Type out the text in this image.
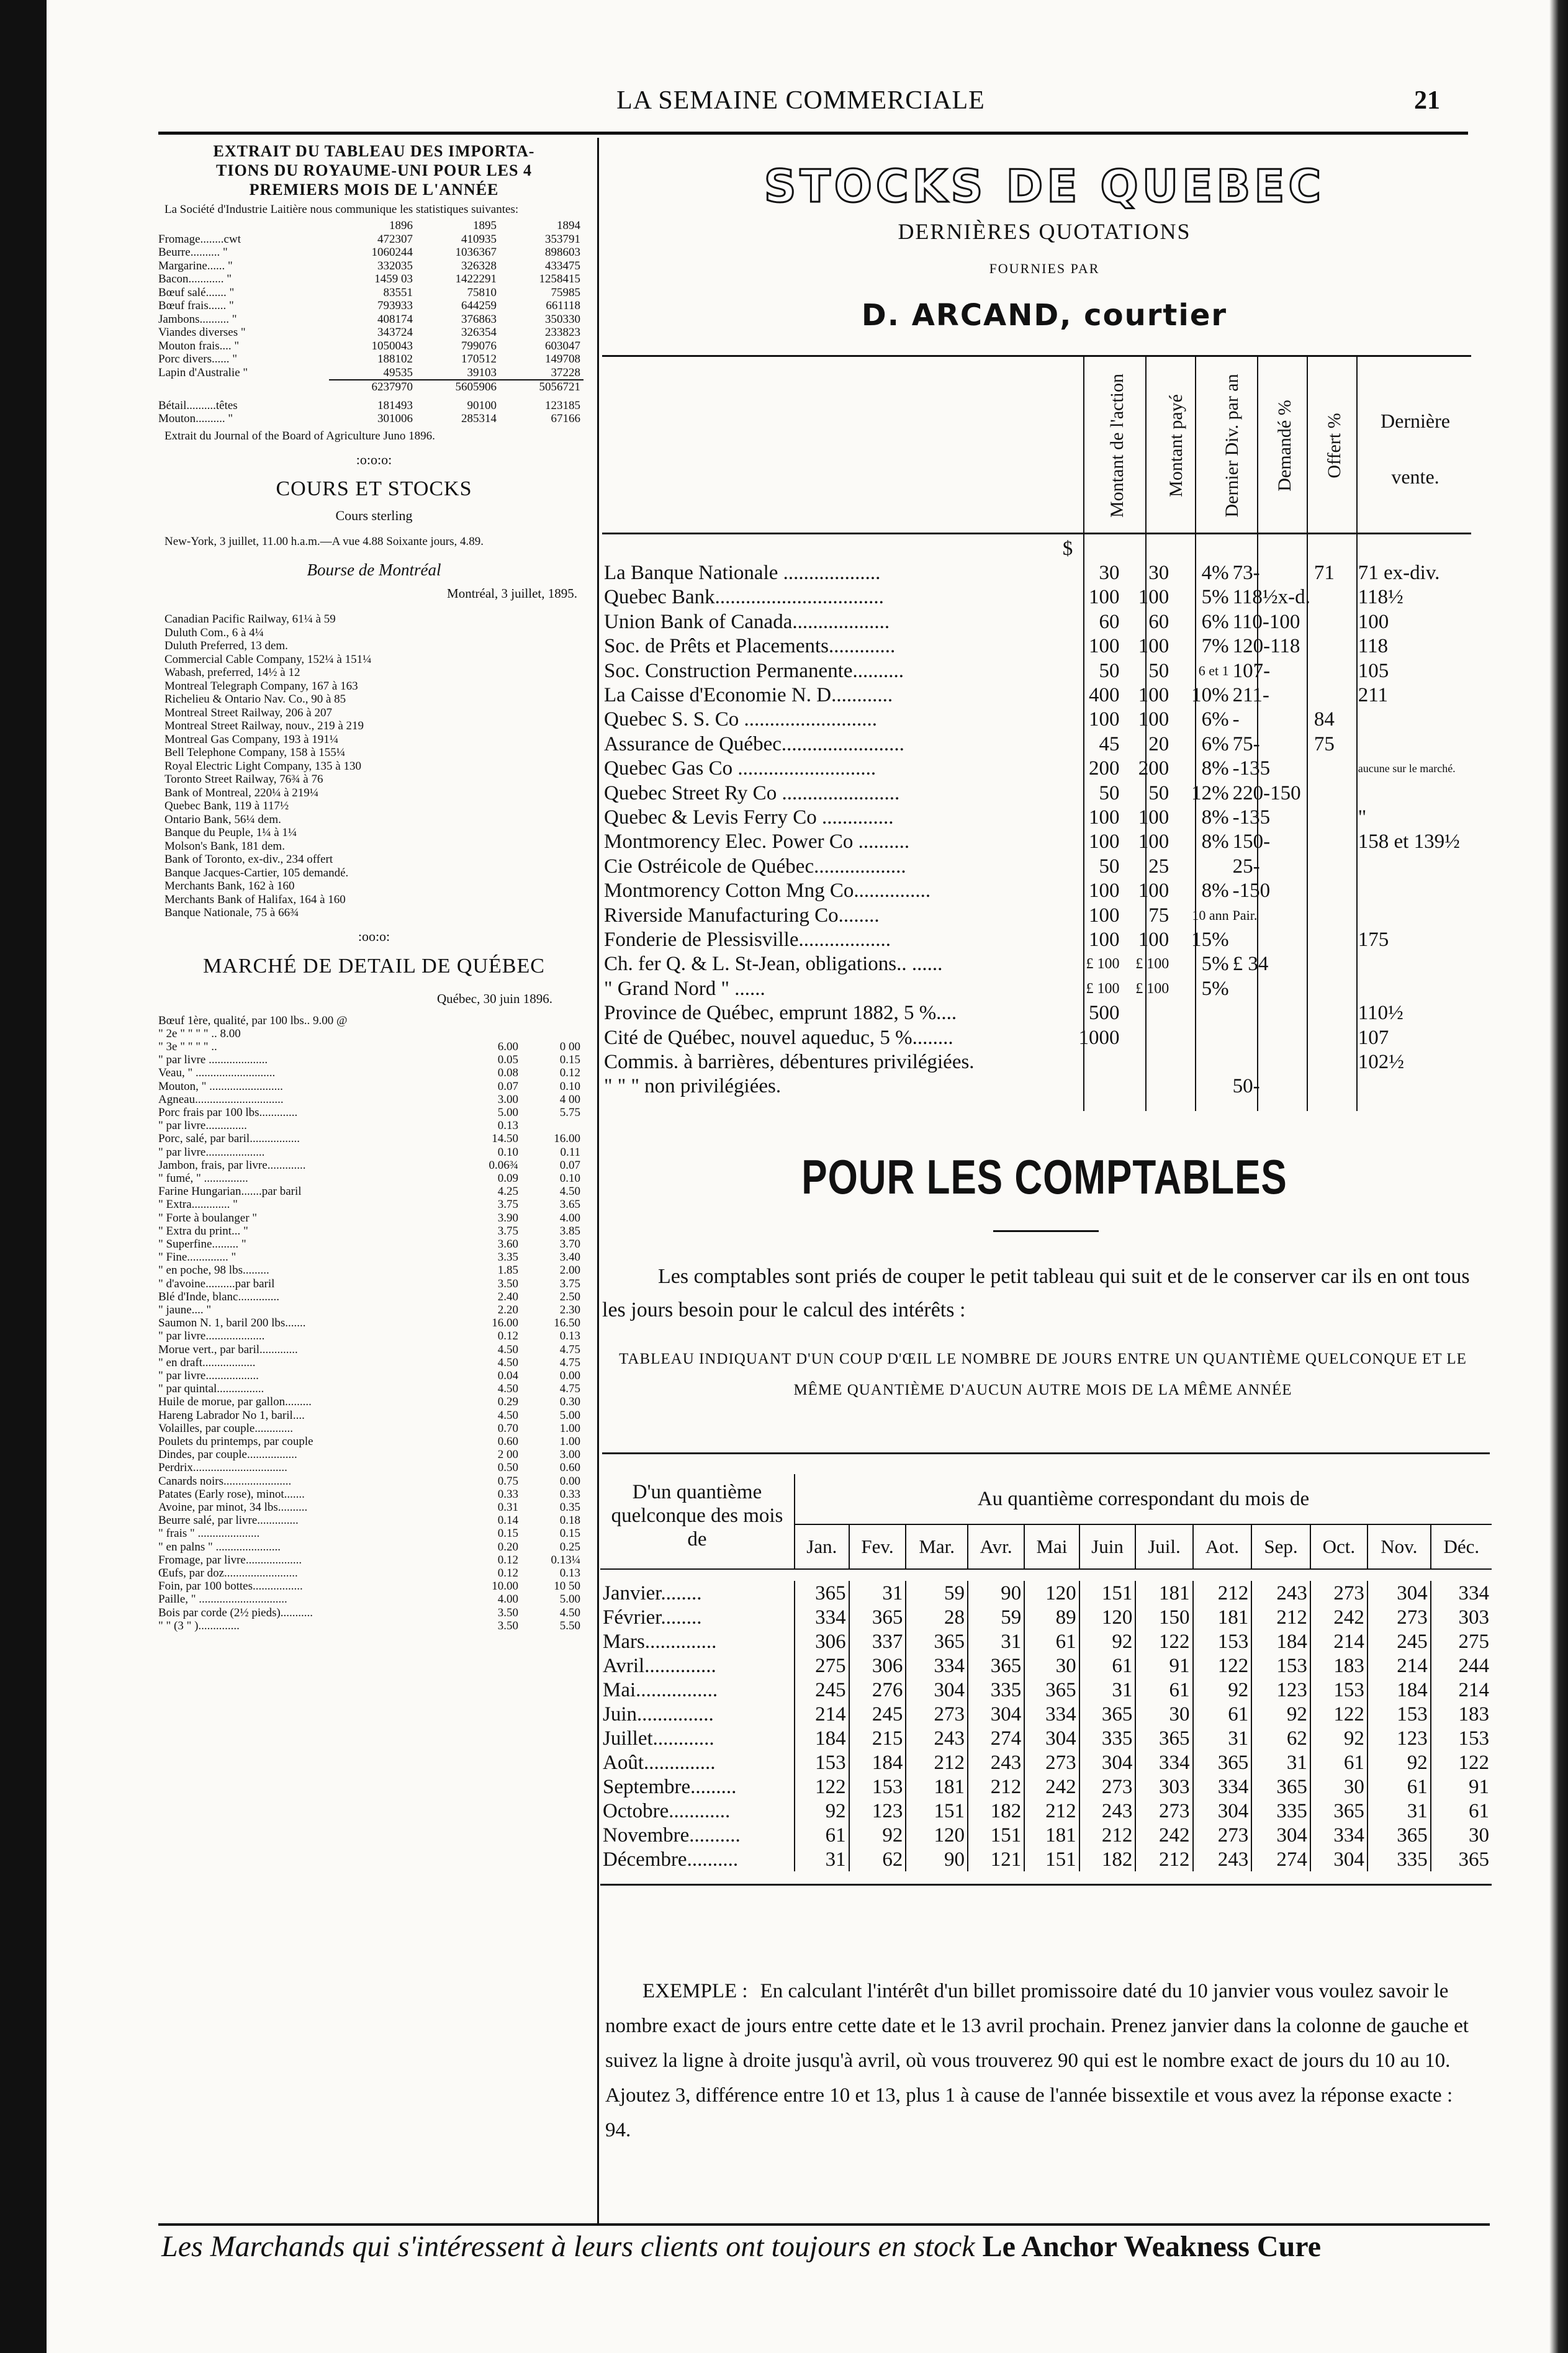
LA SEMAINE COMMERCIALE	21
EXTRAIT DU TABLEAU DES IMPORTA-
TIONS DU ROYAUME-UNI POUR LES 4
PREMIERS MOIS DE L'ANNÉE
La Société d'Industrie Laitière nous communique les statistiques suivantes:
1896	1895	1894
Fromage........cwt	472307	410935	353791
Beurre.......... "	1060244	1036367	898603
Margarine...... "	332035	326328	433475
Bacon............ "	1459 03	1422291	1258415
Bœuf salé....... "	83551	75810	75985
Bœuf frais...... "	793933	644259	661118
Jambons.......... "	408174	376863	350330
Viandes diverses "	343724	326354	233823
Mouton frais.... "	1050043	799076	603047
Porc divers...... "	188102	170512	149708
Lapin d'Australie "	49535	39103	37228
6237970	5605906	5056721
Bétail..........têtes	181493	90100	123185
Mouton.......... "	301006	285314	67166
Extrait du Journal of the Board of Agriculture Juno 1896.
:o:o:o:
COURS ET STOCKS
Cours sterling
New-York, 3 juillet, 11.00 h.a.m.—A vue 4.88 Soixante jours, 4.89.
Bourse de Montréal
Montréal, 3 juillet, 1895.
Canadian Pacific Railway, 61¼ à 59
Duluth Com., 6 à 4¼
Duluth Preferred, 13 dem.
Commercial Cable Company, 152¼ à 151¼
Wabash, preferred, 14½ à 12
Montreal Telegraph Company, 167 à 163
Richelieu & Ontario Nav. Co., 90 à 85
Montreal Street Railway, 206 à 207
Montreal Street Railway, nouv., 219 à 219
Montreal Gas Company, 193 à 191¼
Bell Telephone Company, 158 à 155¼
Royal Electric Light Company, 135 à 130
Toronto Street Railway, 76¾ à 76
Bank of Montreal, 220¼ à 219¼
Quebec Bank, 119 à 117½
Ontario Bank, 56¼ dem.
Banque du Peuple, 1¼ à 1¼
Molson's Bank, 181 dem.
Bank of Toronto, ex-div., 234 offert
Banque Jacques-Cartier, 105 demandé.
Merchants Bank, 162 à 160
Merchants Bank of Halifax, 164 à 160
Banque Nationale, 75 à 66¾
:oo:o:
MARCHÉ DE DETAIL DE QUÉBEC
Québec, 30 juin 1896.
Bœuf 1ère, qualité, par 100 lbs.. 9.00 @
" 2e " " " " .. 8.00
" 3e " " " " ..	6.00	0 00
" par livre ....................	0.05	0.15
Veau, " ...........................	0.08	0.12
Mouton, " .........................	0.07	0.10
Agneau..............................	3.00	4 00
Porc frais par 100 lbs.............	5.00	5.75
" par livre..............	0.13
Porc, salé, par baril.................	14.50	16.00
" par livre....................	0.10	0.11
Jambon, frais, par livre.............	0.06¾	0.07
" fumé, " ...............	0.09	0.10
Farine Hungarian.......par baril	4.25	4.50
" Extra............. "	3.75	3.65
" Forte à boulanger "	3.90	4.00
" Extra du print... "	3.75	3.85
" Superfine......... "	3.60	3.70
" Fine.............. "	3.35	3.40
" en poche, 98 lbs.........	1.85	2.00
" d'avoine..........par baril	3.50	3.75
Blé d'Inde, blanc..............	2.40	2.50
" jaune.... "	2.20	2.30
Saumon N. 1, baril 200 lbs.......	16.00	16.50
" par livre....................	0.12	0.13
Morue vert., par baril.............	4.50	4.75
" en draft..................	4.50	4.75
" par livre..................	0.04	0.00
" par quintal................	4.50	4.75
Huile de morue, par gallon.........	0.29	0.30
Hareng Labrador No 1, baril....	4.50	5.00
Volailles, par couple.............	0.70	1.00
Poulets du printemps, par couple	0.60	1.00
Dindes, par couple.................	2 00	3.00
Perdrix................................	0.50	0.60
Canards noirs.......................	0.75	0.00
Patates (Early rose), minot.......	0.33	0.33
Avoine, par minot, 34 lbs..........	0.31	0.35
Beurre salé, par livre..............	0.14	0.18
" frais " .....................	0.15	0.15
" en palns " ......................	0.20	0.25
Fromage, par livre...................	0.12	0.13¼
Œufs, par doz.........................	0.12	0.13
Foin, par 100 bottes.................	10.00	10 50
Paille, " ..............................	4.00	5.00
Bois par corde (2½ pieds)...........	3.50	4.50
" " (3 " )..............	3.50	5.50
STOCKS DE QUEBEC
DERNIÈRES QUOTATIONS
FOURNIES PAR
D. ARCAND, courtier
Montant de l'action Montant payé Dernier Div. par an Demandé % Offert %	Dernière
vente.
	$					
La Banque Nationale ...................	30	30	4%	73-	71	71 ex-div.
Quebec Bank.................................	100	100	5%	118½x-d.		118½
Union Bank of Canada...................	60	60	6%	110-100		100
Soc. de Prêts et Placements.............	100	100	7%	120-118		118
Soc. Construction Permanente..........	50	50	6 et 1	107-		105
La Caisse d'Economie N. D............	400	100	10%	211-		211
Quebec S. S. Co ..........................	100	100	6%	-	84	
Assurance de Québec........................	45	20	6%	75-	75	
Quebec Gas Co ...........................	200	200	8%	-135		aucune sur le marché.
Quebec Street Ry Co .......................	50	50	12%	220-150		
Quebec & Levis Ferry Co ..............	100	100	8%	-135		"
Montmorency Elec. Power Co ..........	100	100	8%	150-		158 et 139½
Cie Ostréicole de Québec..................	50	25		25-		
Montmorency Cotton Mng Co...............	100	100	8%	-150		
Riverside Manufacturing Co........	100	75	10 ann	Pair.		
Fonderie de Plessisville..................	100	100	15%			175
Ch. fer Q. & L. St-Jean, obligations.. ......	£ 100	£ 100	5%	£ 34		
" Grand Nord " ......	£ 100	£ 100	5%			
Province de Québec, emprunt 1882, 5 %....	500					110½
Cité de Québec, nouvel aqueduc, 5 %........	1000					107
Commis. à barrières, débentures privilégiées.						102½
" " " non privilégiées.				50-		
POUR LES COMPTABLES
Les comptables sont priés de couper le petit tableau qui suit et de le conserver car ils en ont tous les jours besoin pour le calcul des intérêts :
TABLEAU INDIQUANT D'UN COUP D'ŒIL LE NOMBRE DE JOURS ENTRE UN QUANTIÈME QUELCONQUE ET LE MÊME QUANTIÈME D'AUCUN AUTRE MOIS DE LA MÊME ANNÉE
D'un quantième quelconque des mois de	Au quantième correspondant du mois de											
	Jan.	Fev.	Mar.	Avr.	Mai	Juin	Juil.	Aot.	Sep.	Oct.	Nov.	Déc.

Janvier........	365	31	59	90	120	151	181	212	243	273	304	334
Février........	334	365	28	59	89	120	150	181	212	242	273	303
Mars..............	306	337	365	31	61	92	122	153	184	214	245	275
Avril..............	275	306	334	365	30	61	91	122	153	183	214	244
Mai................	245	276	304	335	365	31	61	92	123	153	184	214
Juin...............	214	245	273	304	334	365	30	61	92	122	153	183
Juillet............	184	215	243	274	304	335	365	31	62	92	123	153
Août..............	153	184	212	243	273	304	334	365	31	61	92	122
Septembre.........	122	153	181	212	242	273	303	334	365	30	61	91
Octobre............	92	123	151	182	212	243	273	304	335	365	31	61
Novembre..........	61	92	120	151	181	212	242	273	304	334	365	30
Décembre..........	31	62	90	121	151	182	212	243	274	304	335	365

EXEMPLE : En calculant l'intérêt d'un billet promissoire daté du 10 janvier vous voulez savoir le nombre exact de jours entre cette date et le 13 avril prochain. Prenez janvier dans la colonne de gauche et suivez la ligne à droite jusqu'à avril, où vous trouverez 90 qui est le nombre exact de jours du 10 au 10. Ajoutez 3, différence entre 10 et 13, plus 1 à cause de l'année bissextile et vous avez la réponse exacte : 94.
Les Marchands qui s'intéressent à leurs clients ont toujours en stock Le Anchor Weakness Cure
